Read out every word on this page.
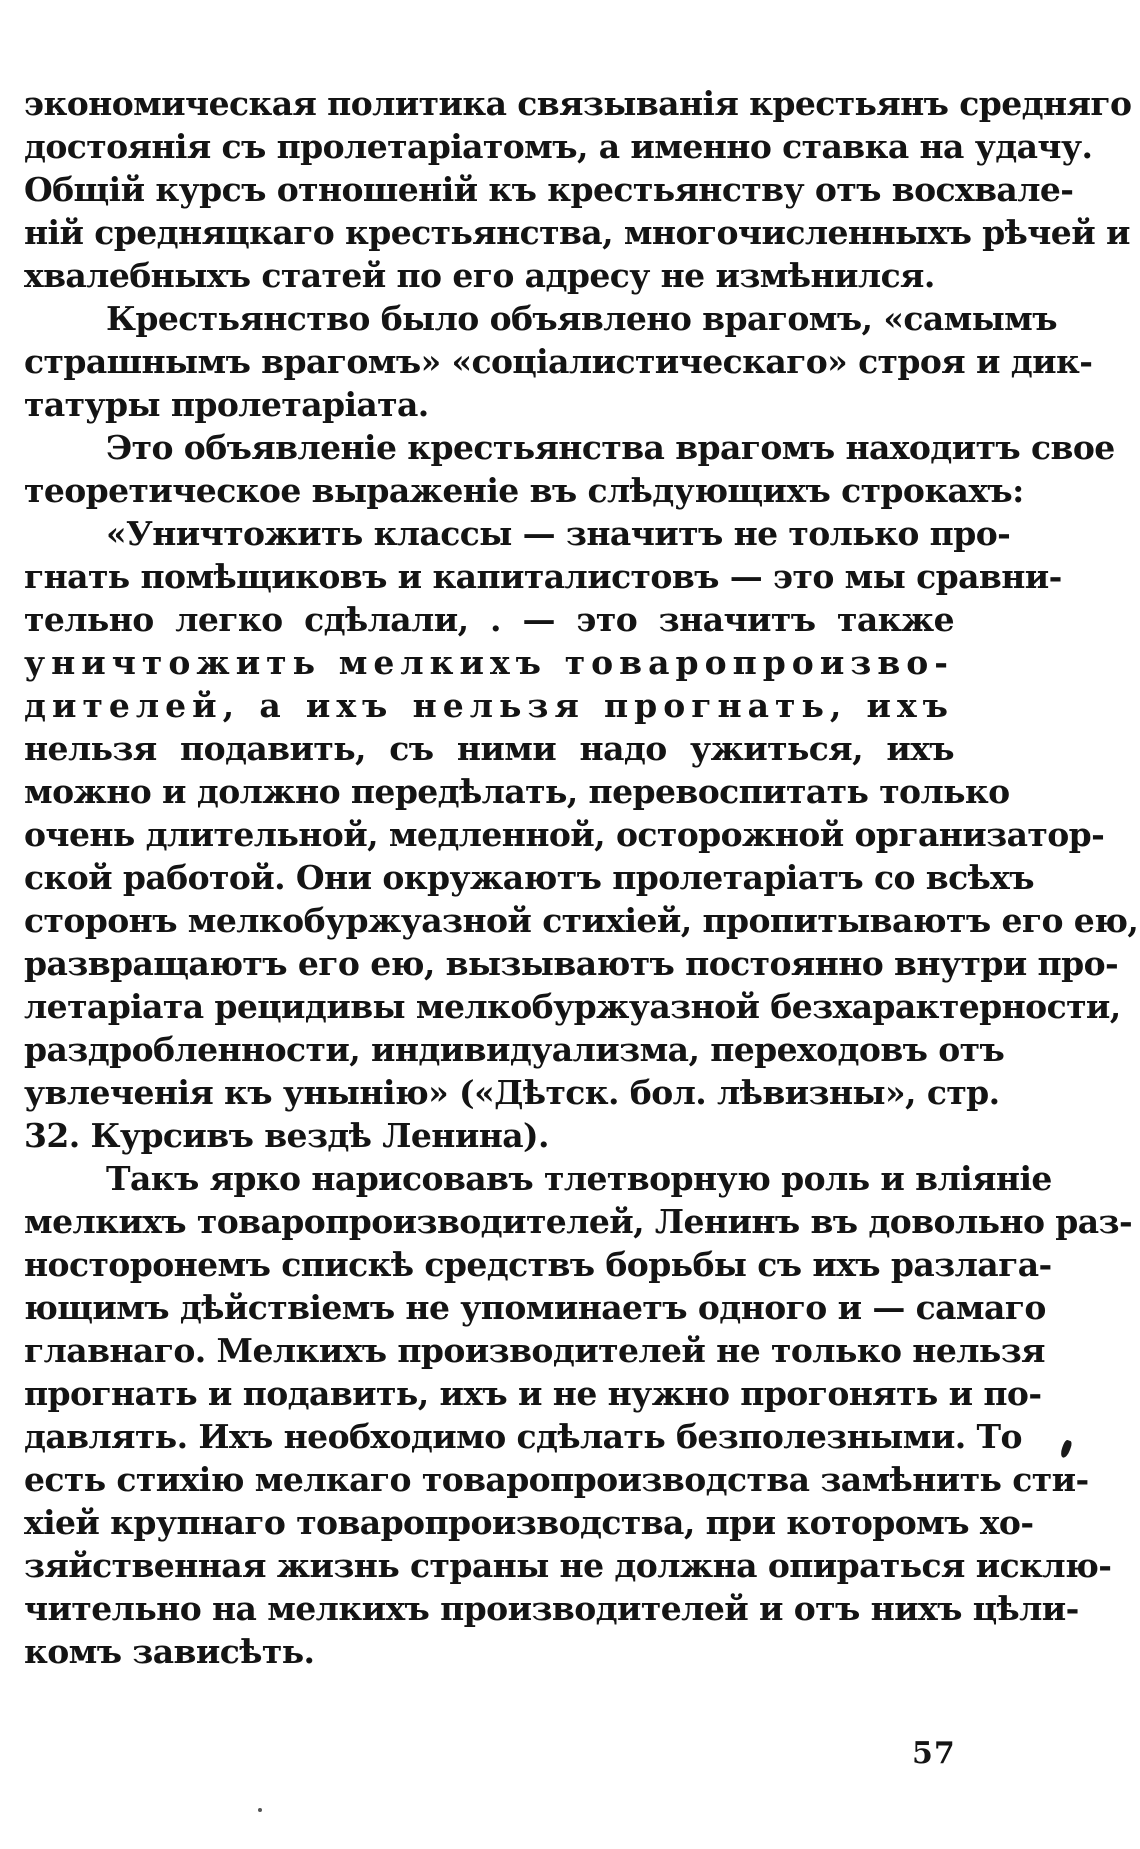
экономическая политика связыванія крестьянъ средняго
достоянія съ пролетаріатомъ, а именно ставка на удачу.
Общій курсъ отношеній къ крестьянству отъ восхвале-
ній средняцкаго крестьянства, многочисленныхъ рѣчей и
хвалебныхъ статей по его адресу не измѣнился.
Крестьянство было объявлено врагомъ, «самымъ
страшнымъ врагомъ» «соціалистическаго» строя и дик-
татуры пролетаріата.
Это объявленіе крестьянства врагомъ находитъ свое
теоретическое выраженіе въ слѣдующихъ строкахъ:
«Уничтожить классы — значитъ не только про-
гнать помѣщиковъ и капиталистовъ — это мы сравни-
тельно легко сдѣлали, . — это значитъ также
уничтожить мелкихъ товаропроизво-
дителей, а ихъ нельзя прогнать, ихъ
нельзя подавить, съ ними надо ужиться, ихъ
можно и должно передѣлать, перевоспитать только
очень длительной, медленной, осторожной организатор-
ской работой. Они окружаютъ пролетаріатъ со всѣхъ
сторонъ мелкобуржуазной стихіей, пропитываютъ его ею,
развращаютъ его ею, вызываютъ постоянно внутри про-
летаріата рецидивы мелкобуржуазной безхарактерности,
раздробленности, индивидуализма, переходовъ отъ
увлеченія къ унынію» («Дѣтск. бол. лѣвизны», стр.
32. Курсивъ вездѣ Ленина).
Такъ ярко нарисовавъ тлетворную роль и вліяніе
мелкихъ товаропроизводителей, Ленинъ въ довольно раз-
носторонемъ спискѣ средствъ борьбы съ ихъ разлага-
ющимъ дѣйствіемъ не упоминаетъ одного и — самаго
главнаго. Мелкихъ производителей не только нельзя
прогнать и подавить, ихъ и не нужно прогонять и по-
давлять. Ихъ необходимо сдѣлать безполезными. То
есть стихію мелкаго товаропроизводства замѣнить сти-
хіей крупнаго товаропроизводства, при которомъ хо-
зяйственная жизнь страны не должна опираться исклю-
чительно на мелкихъ производителей и отъ нихъ цѣли-
комъ зависѣть.
57
